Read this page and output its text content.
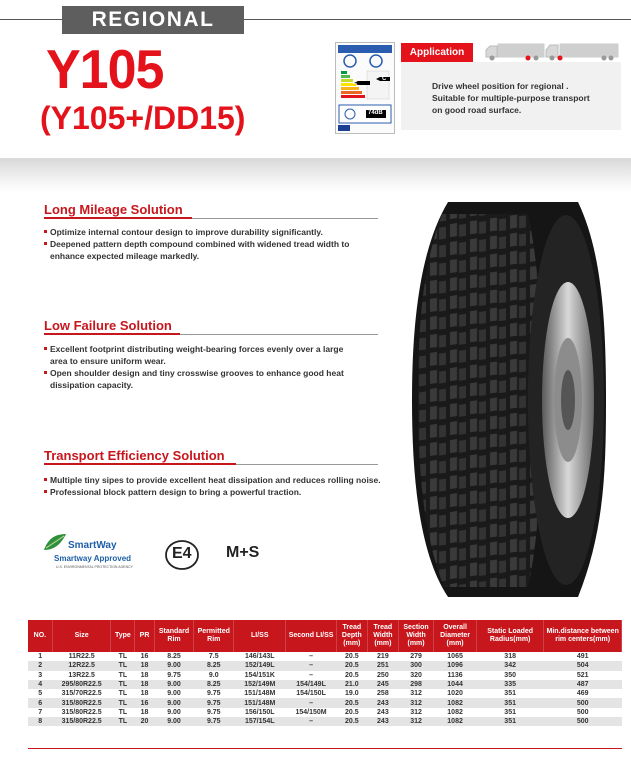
REGIONAL
Y105
(Y105+/DD15)
E
C
74dB
Application
Drive wheel position for regional .
Suitable for multiple-purpose transport
on good road surface.
Long Mileage Solution
Optimize internal contour design to improve durability significantly.
Deepened pattern depth compound combined with widened tread width to
enhance expected mileage markedly.
Low Failure Solution
Excellent footprint distributing weight-bearing forces evenly over a large
area to ensure uniform wear.
Open shoulder design and tiny crosswise grooves to enhance good heat
dissipation capacity.
Transport Efficiency Solution
Multiple tiny sipes to provide excellent heat dissipation and reduces rolling noise.
Professional block pattern design to bring a powerful traction.
SmartWay
Smartway Approved
U.S. ENVIRONMENTAL PROTECTION AGENCY
E4 M+S
NO.	Size	Type	PR	Standard Rim	Permitted Rim	LI/SS	Second LI/SS	Tread Depth (mm)	Tread Width (mm)	Section Width (mm)	Overall Diameter (mm)	Static Loaded Radius(mm)	Min.distance between rim centers(mm)
1	11R22.5	TL	16	8.25	7.5	146/143L	–	20.5	219	279	1065	318	491
2	12R22.5	TL	18	9.00	8.25	152/149L	–	20.5	251	300	1096	342	504
3	13R22.5	TL	18	9.75	9.0	154/151K	–	20.5	250	320	1136	350	521
4	295/80R22.5	TL	18	9.00	8.25	152/149M	154/149L	21.0	245	298	1044	335	487
5	315/70R22.5	TL	18	9.00	9.75	151/148M	154/150L	19.0	258	312	1020	351	469
6	315/80R22.5	TL	16	9.00	9.75	151/148M	–	20.5	243	312	1082	351	500
7	315/80R22.5	TL	18	9.00	9.75	156/150L	154/150M	20.5	243	312	1082	351	500
8	315/80R22.5	TL	20	9.00	9.75	157/154L	–	20.5	243	312	1082	351	500
